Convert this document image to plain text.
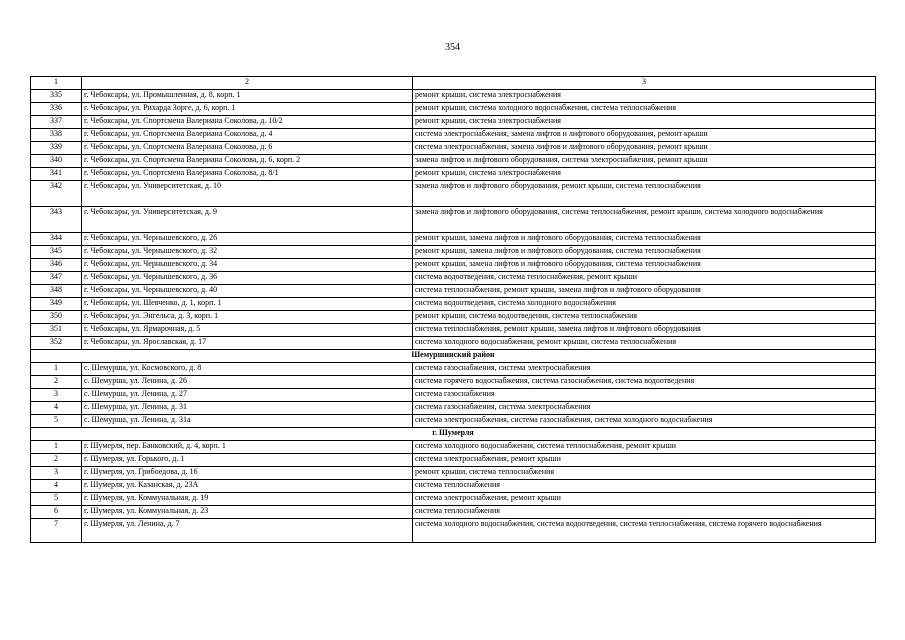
354
1	2	3
335	г. Чебоксары, ул. Промышленная, д. 8, корп. 1	ремонт крыши, система электроснабжения
336	г. Чебоксары, ул. Рихарда Зорге, д. 6, корп. 1	ремонт крыши, система холодного водоснабжения, система теплоснабжения
337	г. Чебоксары, ул. Спортсмена Валериана Соколова, д. 10/2	ремонт крыши, система электроснабжения
338	г. Чебоксары, ул. Спортсмена Валериана Соколова, д. 4	система электроснабжения, замена лифтов и лифтового оборудования, ремонт крыши
339	г. Чебоксары, ул. Спортсмена Валериана Соколова, д. 6	система электроснабжения, замена лифтов и лифтового оборудования, ремонт крыши
340	г. Чебоксары, ул. Спортсмена Валериана Соколова, д. 6, корп. 2	замена лифтов и лифтового оборудования, система электроснабжения, ремонт крыши
341	г. Чебоксары, ул. Спортсмена Валериана Соколова, д. 8/1	ремонт крыши, система электроснабжения
342	г. Чебоксары, ул. Университетская, д. 10	замена лифтов и лифтового оборудования, ремонт крыши, система теплоснабжения
343	г. Чебоксары, ул. Университетская, д. 9	замена лифтов и лифтового оборудования, система теплоснабжения, ремонт крыши, система холодного водоснабжения
344	г. Чебоксары, ул. Чернышевского, д. 26	ремонт крыши, замена лифтов и лифтового оборудования, система теплоснабжения
345	г. Чебоксары, ул. Чернышевского, д. 32	ремонт крыши, замена лифтов и лифтового оборудования, система теплоснабжения
346	г. Чебоксары, ул. Чернышевского, д. 34	ремонт крыши, замена лифтов и лифтового оборудования, система теплоснабжения
347	г. Чебоксары, ул. Чернышевского, д. 36	система водоотведения, система теплоснабжения, ремонт крыши
348	г. Чебоксары, ул. Чернышевского, д. 40	система теплоснабжения, ремонт крыши, замена лифтов и лифтового оборудования
349	г. Чебоксары, ул. Шевченко, д. 1, корп. 1	система водоотведения, система холодного водоснабжения
350	г. Чебоксары, ул. Энгельса, д. 3, корп. 1	ремонт крыши, система водоотведения, система теплоснабжения
351	г. Чебоксары, ул. Ярмарочная, д. 5	система теплоснабжения, ремонт крыши, замена лифтов и лифтового оборудования
352	г. Чебоксары, ул. Ярославская, д. 17	система холодного водоснабжения, ремонт крыши, система теплоснабжения
Шемуршинский район		
1	с. Шемурша, ул. Космовского, д. 8	система газоснабжения, система электроснабжения
2	с. Шемурша, ул. Ленина, д. 26	система горячего водоснабжения, система газоснабжения, система водоотведения
3	с. Шемурша, ул. Ленина, д. 27	система газоснабжения
4	с. Шемурша, ул. Ленина, д. 31	система газоснабжения, система электроснабжения
5	с. Шемурша, ул. Ленина, д. 31а	система электроснабжения, система газоснабжения, система холодного водоснабжения
г. Шумерля		
1	г. Шумерля, пер. Банковский, д. 4, корп. 1	система холодного водоснабжения, система теплоснабжения, ремонт крыши
2	г. Шумерля, ул. Горького, д. 1	система электроснабжения, ремонт крыши
3	г. Шумерля, ул. Грибоедова, д. 16	ремонт крыши, система теплоснабжения
4	г. Шумерля, ул. Казанская, д. 23А	система теплоснабжения
5	г. Шумерля, ул. Коммунальная, д. 19	система электроснабжения, ремонт крыши
6	г. Шумерля, ул. Коммунальная, д. 23	система теплоснабжения
7	г. Шумерля, ул. Ленина, д. 7	система холодного водоснабжения, система водоотведения, система теплоснабжения, система горячего водоснабжения
